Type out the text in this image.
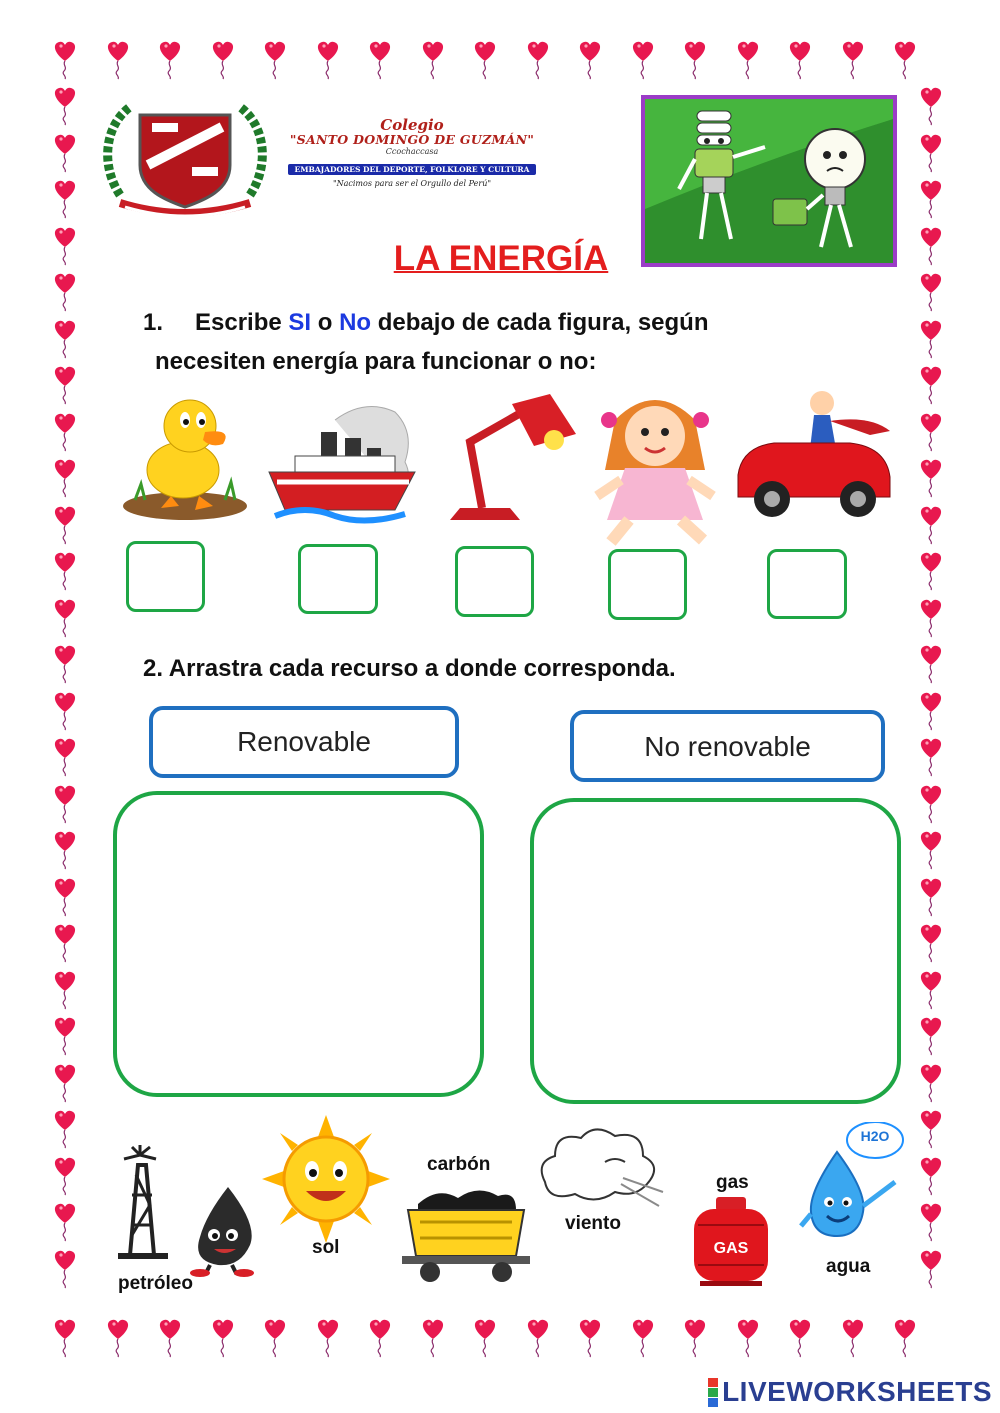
Colegio
"SANTO DOMINGO DE GUZMÁN"
Ccochaccasa
EMBAJADORES DEL DEPORTE, FOLKLORE Y CULTURA
"Nacimos para ser el Orgullo del Perú"
LA ENERGÍA
1. Escribe SI o No debajo de cada figura, según
necesiten energía para funcionar o no:
2. Arrastra cada recurso a donde corresponda.
Renovable	No renovable
petróleo
sol
carbón
viento
gas
GAS
H2O
agua
LIVEWORKSHEETS
